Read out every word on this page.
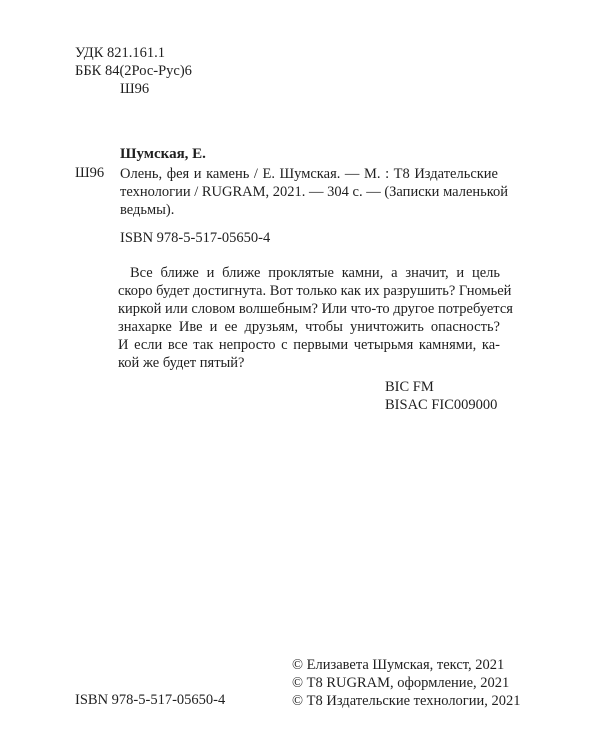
УДК 821.161.1
ББК 84(2Рос-Рус)6
Ш96
Шумская, Е.
Ш96 Олень, фея и камень / Е. Шумская. — М. : Т8 Издательские
технологии / RUGRAM, 2021. — 304 с. — (Записки маленькой
ведьмы).
ISBN 978-5-517-05650-4
Все ближе и ближе проклятые камни, а значит, и цель
скоро будет достигнута. Вот только как их разрушить? Гномьей
киркой или словом волшебным? Или что-то другое потребуется
знахарке Иве и ее друзьям, чтобы уничтожить опасность?
И если все так непросто с первыми четырьмя камнями, ка-
кой же будет пятый?
BIC FM
BISAC FIC009000
© Елизавета Шумская, текст, 2021
© Т8 RUGRAM, оформление, 2021
© Т8 Издательские технологии, 2021
ISBN 978-5-517-05650-4
